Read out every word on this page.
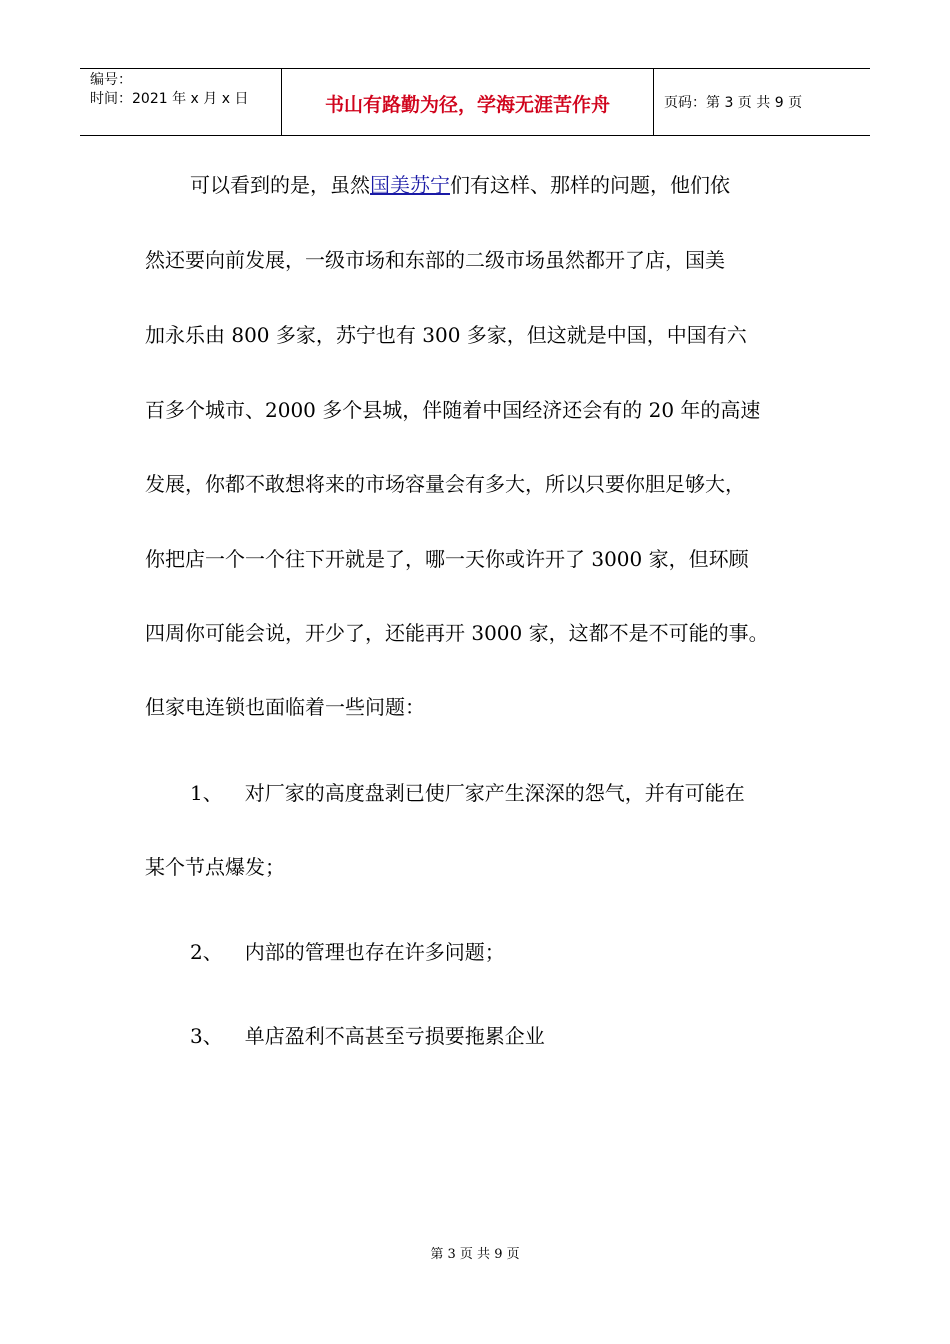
编号：
时间：2021 年 x 月 x 日	书山有路勤为径，学海无涯苦作舟	页码：第 3 页 共 9 页
可以看到的是，虽然国美苏宁们有这样、那样的问题，他们依
然还要向前发展，一级市场和东部的二级市场虽然都开了店，国美
加永乐由 800 多家，苏宁也有 300 多家，但这就是中国，中国有六
百多个城市、2000 多个县城，伴随着中国经济还会有的 20 年的高速
发展，你都不敢想将来的市场容量会有多大，所以只要你胆足够大，
你把店一个一个往下开就是了，哪一天你或许开了 3000 家，但环顾
四周你可能会说，开少了，还能再开 3000 家，这都不是不可能的事。
但家电连锁也面临着一些问题：
1、 对厂家的高度盘剥已使厂家产生深深的怨气，并有可能在
某个节点爆发；
2、 内部的管理也存在许多问题；
3、 单店盈利不高甚至亏损要拖累企业
第 3 页 共 9 页
